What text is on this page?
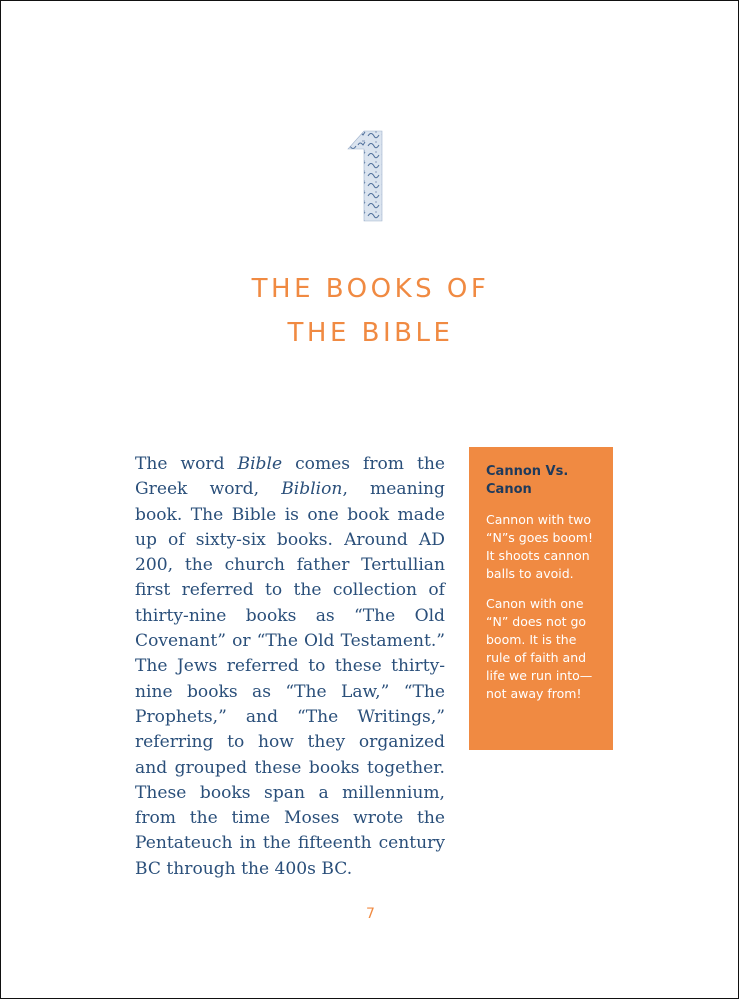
THE BOOKS OF
THE BIBLE

The word Bible comes from the Greek word, Biblion, meaning book. The Bible is one book made up of sixty-six books. Around AD 200, the church father Tertullian first referred to the collection of thirty-nine books as “The Old Covenant” or “The Old Testament.” The Jews referred to these thirty-nine books as “The Law,” “The Prophets,” and “The Writings,” referring to how they organized and grouped these books together. These books span a millennium, from the time Moses wrote the Pentateuch in the fifteenth century BC through the 400s BC.

Cannon Vs. Canon

Cannon with two “N”s goes boom! It shoots cannon balls to avoid.

Canon with one “N” does not go boom. It is the rule of faith and life we run into—not away from!

7
